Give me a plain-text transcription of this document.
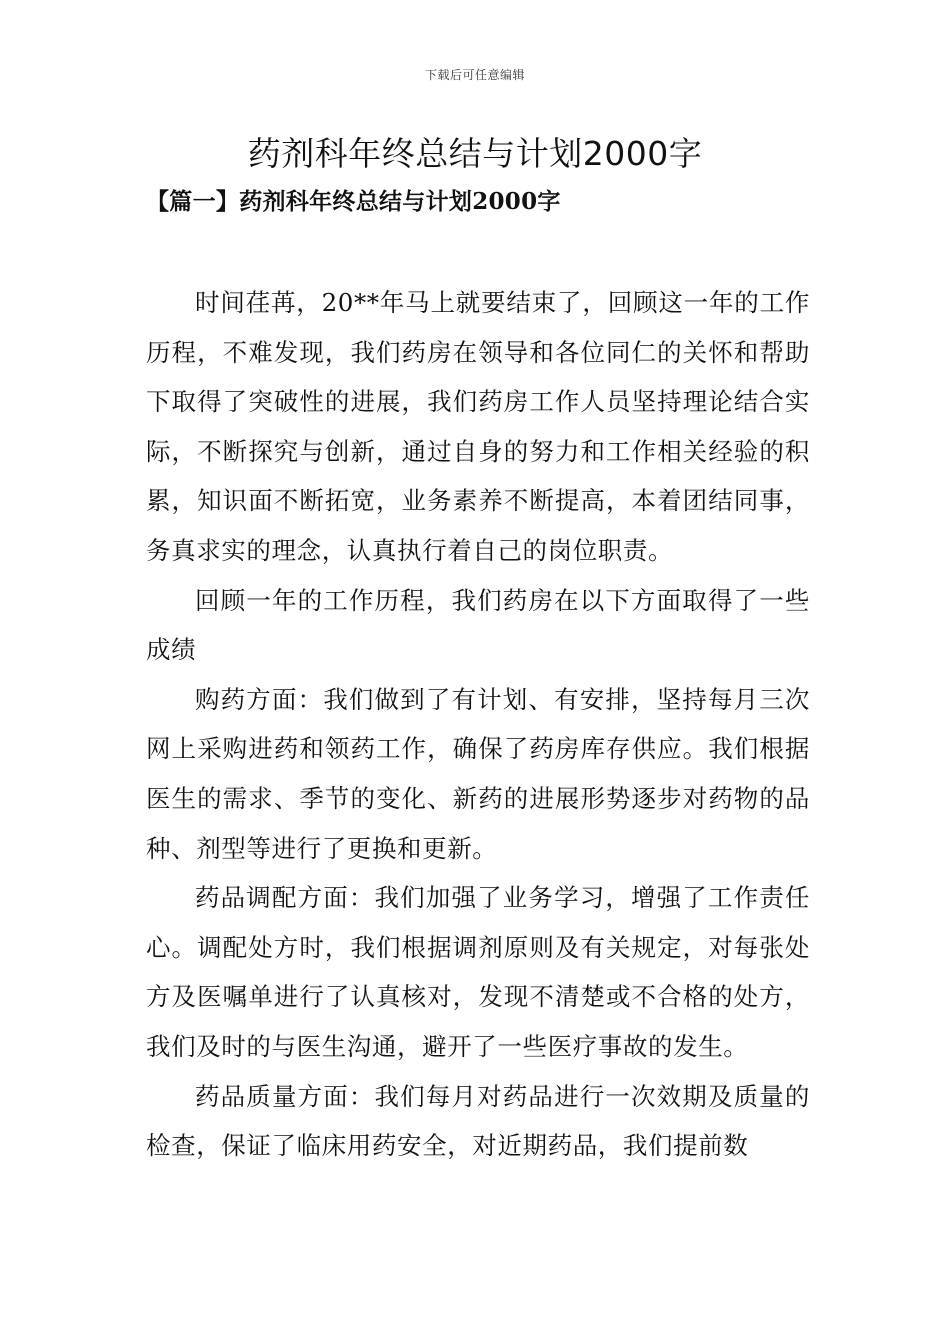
下载后可任意编辑
药剂科年终总结与计划2000字
【篇一】药剂科年终总结与计划2000字

时间荏苒，20**年马上就要结束了，回顾这一年的工作历程，不难发现，我们药房在领导和各位同仁的关怀和帮助下取得了突破性的进展，我们药房工作人员坚持理论结合实际，不断探究与创新，通过自身的努力和工作相关经验的积累，知识面不断拓宽，业务素养不断提高，本着团结同事，务真求实的理念，认真执行着自己的岗位职责。

回顾一年的工作历程，我们药房在以下方面取得了一些成绩

购药方面：我们做到了有计划、有安排，坚持每月三次网上采购进药和领药工作，确保了药房库存供应。我们根据医生的需求、季节的变化、新药的进展形势逐步对药物的品种、剂型等进行了更换和更新。

药品调配方面：我们加强了业务学习，增强了工作责任心。调配处方时，我们根据调剂原则及有关规定，对每张处方及医嘱单进行了认真核对，发现不清楚或不合格的处方，我们及时的与医生沟通，避开了一些医疗事故的发生。

药品质量方面：我们每月对药品进行一次效期及质量的检查，保证了临床用药安全，对近期药品，我们提前数
